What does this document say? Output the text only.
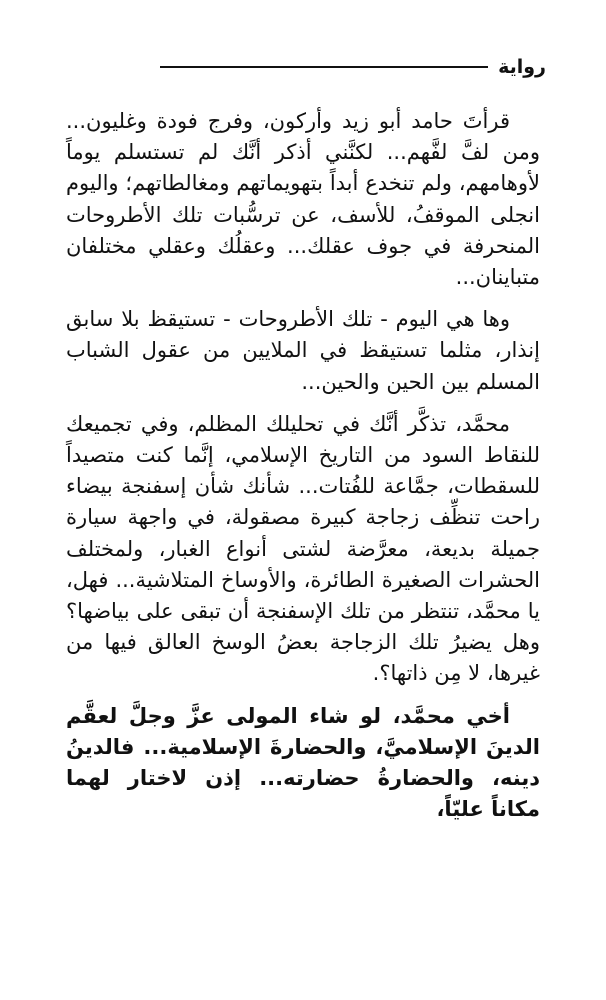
رواية

قرأتَ حامد أبو زيد وأركون، وفرج فودة وغليون... ومن لفَّ لفَّهم... لكنَّني أذكر أنَّك لم تستسلم يوماً لأوهامهم، ولم تنخدع أبداً بتهويماتهم ومغالطاتهم؛ واليوم انجلى الموقفُ، للأسف، عن ترسُّبات تلك الأطروحات المنحرفة في جوف عقلك... وعقلُك وعقلي مختلفان متباينان...

وها هي اليوم - تلك الأطروحات - تستيقظ بلا سابق إنذار، مثلما تستيقظ في الملايين من عقول الشباب المسلم بين الحين والحين...

محمَّد، تذكَّر أنَّك في تحليلك المظلم، وفي تجميعك للنقاط السود من التاريخ الإسلامي، إنَّما كنت متصيداً للسقطات، جمَّاعة للفُتات... شأنك شأن إسفنجة بيضاء راحت تنظِّف زجاجة كبيرة مصقولة، في واجهة سيارة جميلة بديعة، معرَّضة لشتى أنواع الغبار، ولمختلف الحشرات الصغيرة الطائرة، والأوساخ المتلاشية... فهل، يا محمَّد، تنتظر من تلك الإسفنجة أن تبقى على بياضها؟ وهل يضيرُ تلك الزجاجة بعضُ الوسخ العالق فيها من غيرها، لا مِن ذاتها؟.

أخي محمَّد، لو شاء المولى عزَّ وجلَّ لعقَّم الدينَ الإسلاميَّ، والحضارةَ الإسلامية... فالدينُ دينه، والحضارةُ حضارته... إذن لاختار لهما مكاناً عليّاً،
